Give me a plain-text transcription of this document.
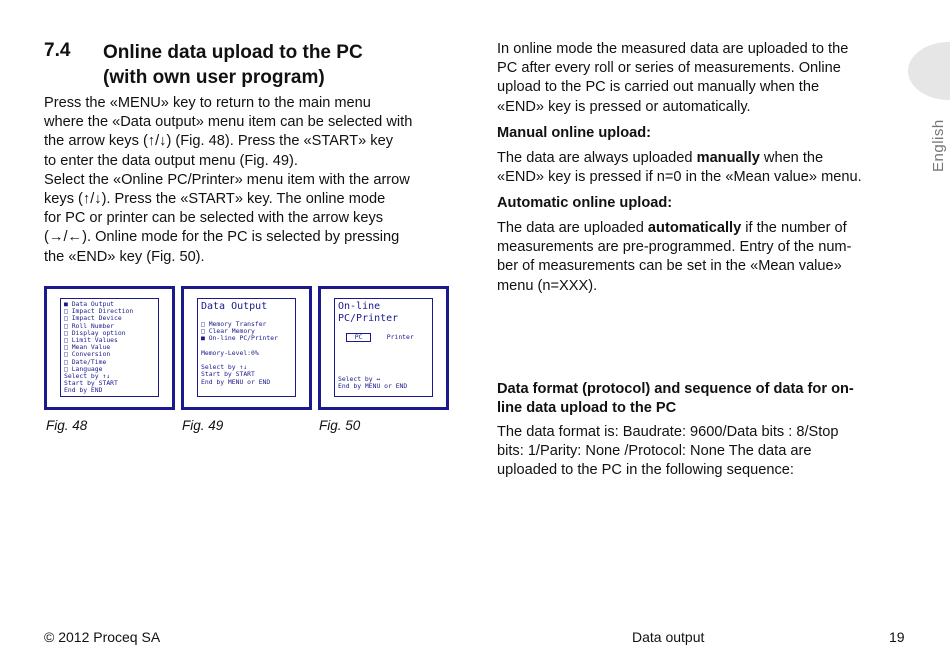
English
7.4 Online data upload to the PC
(with own user program)
Press the «MENU» key to return to the main menu
where the «Data output» menu item can be selected with
the arrow keys (↑/↓) (Fig. 48). Press the «START» key
to enter the data output menu (Fig. 49).
Select the «Online PC/Printer» menu item with the arrow
keys (↑/↓). Press the «START» key. The online mode
for PC or printer can be selected with the arrow keys
(→/←). Online mode for the PC is selected by pressing
the «END» key (Fig. 50).
■ Data Output
□ Impact Direction
□ Impact Device
□ Roll Number
□ Display option
□ Limit Values
□ Mean Value
□ Conversion
□ Date/Time
□ Language
Select by ↑↓
Start by START
End by END
Data Output
□ Memory Transfer
□ Clear Memory
■ On-line PC/Printer

Memory-Level:0%

Select by ↑↓
Start by START
End by MENU or END
On-line PC/Printer
PC	Printer
Select by ↔
End by MENU or END
Fig. 48	Fig. 49	Fig. 50
In online mode the measured data are uploaded to the
PC after every roll or series of measurements. Online
upload to the PC is carried out manually when the
«END» key is pressed or automatically.
Manual online upload:
The data are always uploaded manually when the
«END» key is pressed if n=0 in the «Mean value» menu.
Automatic online upload:
The data are uploaded automatically if the number of
measurements are pre-programmed. Entry of the num-
ber of measurements can be set in the «Mean value»
menu (n=XXX).
Data format (protocol) and sequence of data for on-
line data upload to the PC
The data format is: Baudrate: 9600/Data bits : 8/Stop
bits: 1/Parity: None /Protocol: None The data are
uploaded to the PC in the following sequence:
© 2012 Proceq SA	Data output	19
